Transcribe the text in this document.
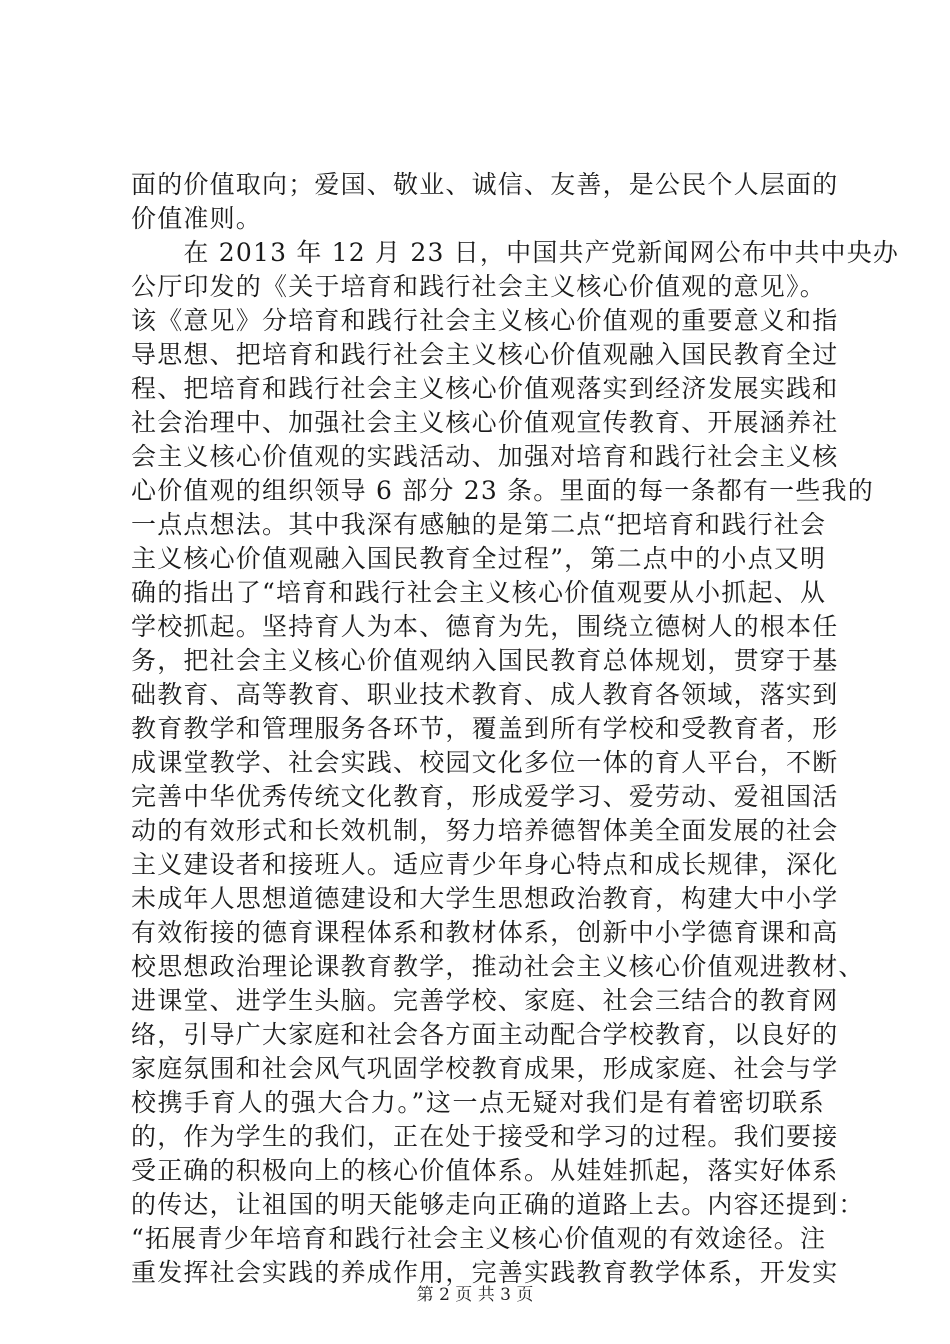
面的价值取向；爱国、敬业、诚信、友善，是公民个人层面的
价值准则。
　　在 2013 年 12 月 23 日，中国共产党新闻网公布中共中央办
公厅印发的《关于培育和践行社会主义核心价值观的意见》。
该《意见》分培育和践行社会主义核心价值观的重要意义和指
导思想、把培育和践行社会主义核心价值观融入国民教育全过
程、把培育和践行社会主义核心价值观落实到经济发展实践和
社会治理中、加强社会主义核心价值观宣传教育、开展涵养社
会主义核心价值观的实践活动、加强对培育和践行社会主义核
心价值观的组织领导 6 部分 23 条。里面的每一条都有一些我的
一点点想法。其中我深有感触的是第二点“把培育和践行社会
主义核心价值观融入国民教育全过程”，第二点中的小点又明
确的指出了“培育和践行社会主义核心价值观要从小抓起、从
学校抓起。坚持育人为本、德育为先，围绕立德树人的根本任
务，把社会主义核心价值观纳入国民教育总体规划，贯穿于基
础教育、高等教育、职业技术教育、成人教育各领域，落实到
教育教学和管理服务各环节，覆盖到所有学校和受教育者，形
成课堂教学、社会实践、校园文化多位一体的育人平台，不断
完善中华优秀传统文化教育，形成爱学习、爱劳动、爱祖国活
动的有效形式和长效机制，努力培养德智体美全面发展的社会
主义建设者和接班人。适应青少年身心特点和成长规律，深化
未成年人思想道德建设和大学生思想政治教育，构建大中小学
有效衔接的德育课程体系和教材体系，创新中小学德育课和高
校思想政治理论课教育教学，推动社会主义核心价值观进教材、
进课堂、进学生头脑。完善学校、家庭、社会三结合的教育网
络，引导广大家庭和社会各方面主动配合学校教育，以良好的
家庭氛围和社会风气巩固学校教育成果，形成家庭、社会与学
校携手育人的强大合力。”这一点无疑对我们是有着密切联系
的，作为学生的我们，正在处于接受和学习的过程。我们要接
受正确的积极向上的核心价值体系。从娃娃抓起，落实好体系
的传达，让祖国的明天能够走向正确的道路上去。内容还提到：
“拓展青少年培育和践行社会主义核心价值观的有效途径。注
重发挥社会实践的养成作用，完善实践教育教学体系，开发实
第 2 页 共 3 页
